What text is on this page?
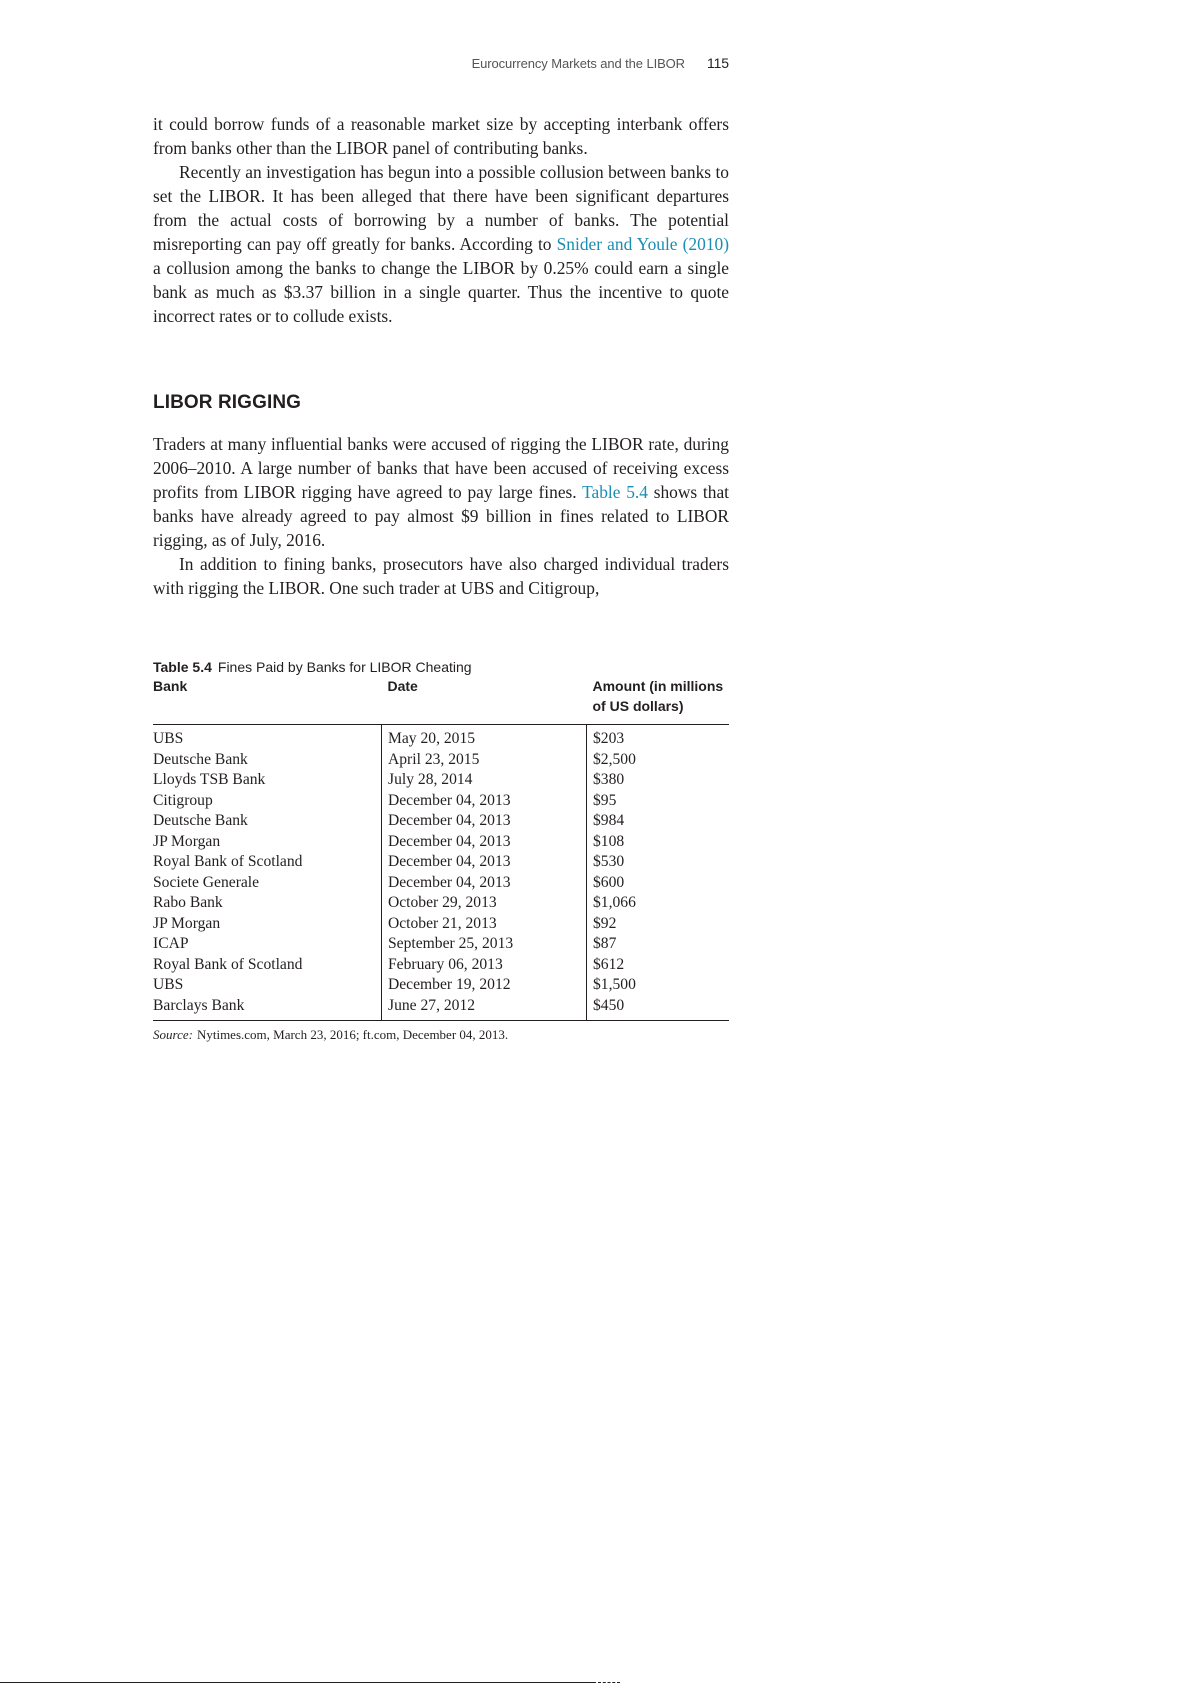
Eurocurrency Markets and the LIBOR 115

it could borrow funds of a reasonable market size by accepting interbank offers from banks other than the LIBOR panel of contributing banks.

Recently an investigation has begun into a possible collusion between banks to set the LIBOR. It has been alleged that there have been significant departures from the actual costs of borrowing by a number of banks. The potential misreporting can pay off greatly for banks. According to Snider and Youle (2010) a collusion among the banks to change the LIBOR by 0.25% could earn a single bank as much as $3.37 billion in a single quarter. Thus the incentive to quote incorrect rates or to collude exists.

LIBOR RIGGING

Traders at many influential banks were accused of rigging the LIBOR rate, during 2006–2010. A large number of banks that have been accused of receiving excess profits from LIBOR rigging have agreed to pay large fines. Table 5.4 shows that banks have already agreed to pay almost $9 billion in fines related to LIBOR rigging, as of July, 2016.

In addition to fining banks, prosecutors have also charged individual traders with rigging the LIBOR. One such trader at UBS and Citigroup,

Table 5.4 Fines Paid by Banks for LIBOR Cheating

Bank	Date	Amount (in millions of US dollars)
UBS	May 20, 2015	$203
Deutsche Bank	April 23, 2015	$2,500
Lloyds TSB Bank	July 28, 2014	$380
Citigroup	December 04, 2013	$95
Deutsche Bank	December 04, 2013	$984
JP Morgan	December 04, 2013	$108
Royal Bank of Scotland	December 04, 2013	$530
Societe Generale	December 04, 2013	$600
Rabo Bank	October 29, 2013	$1,066
JP Morgan	October 21, 2013	$92
ICAP	September 25, 2013	$87
Royal Bank of Scotland	February 06, 2013	$612
UBS	December 19, 2012	$1,500
Barclays Bank	June 27, 2012	$450
Source: Nytimes.com, March 23, 2016; ft.com, December 04, 2013.
